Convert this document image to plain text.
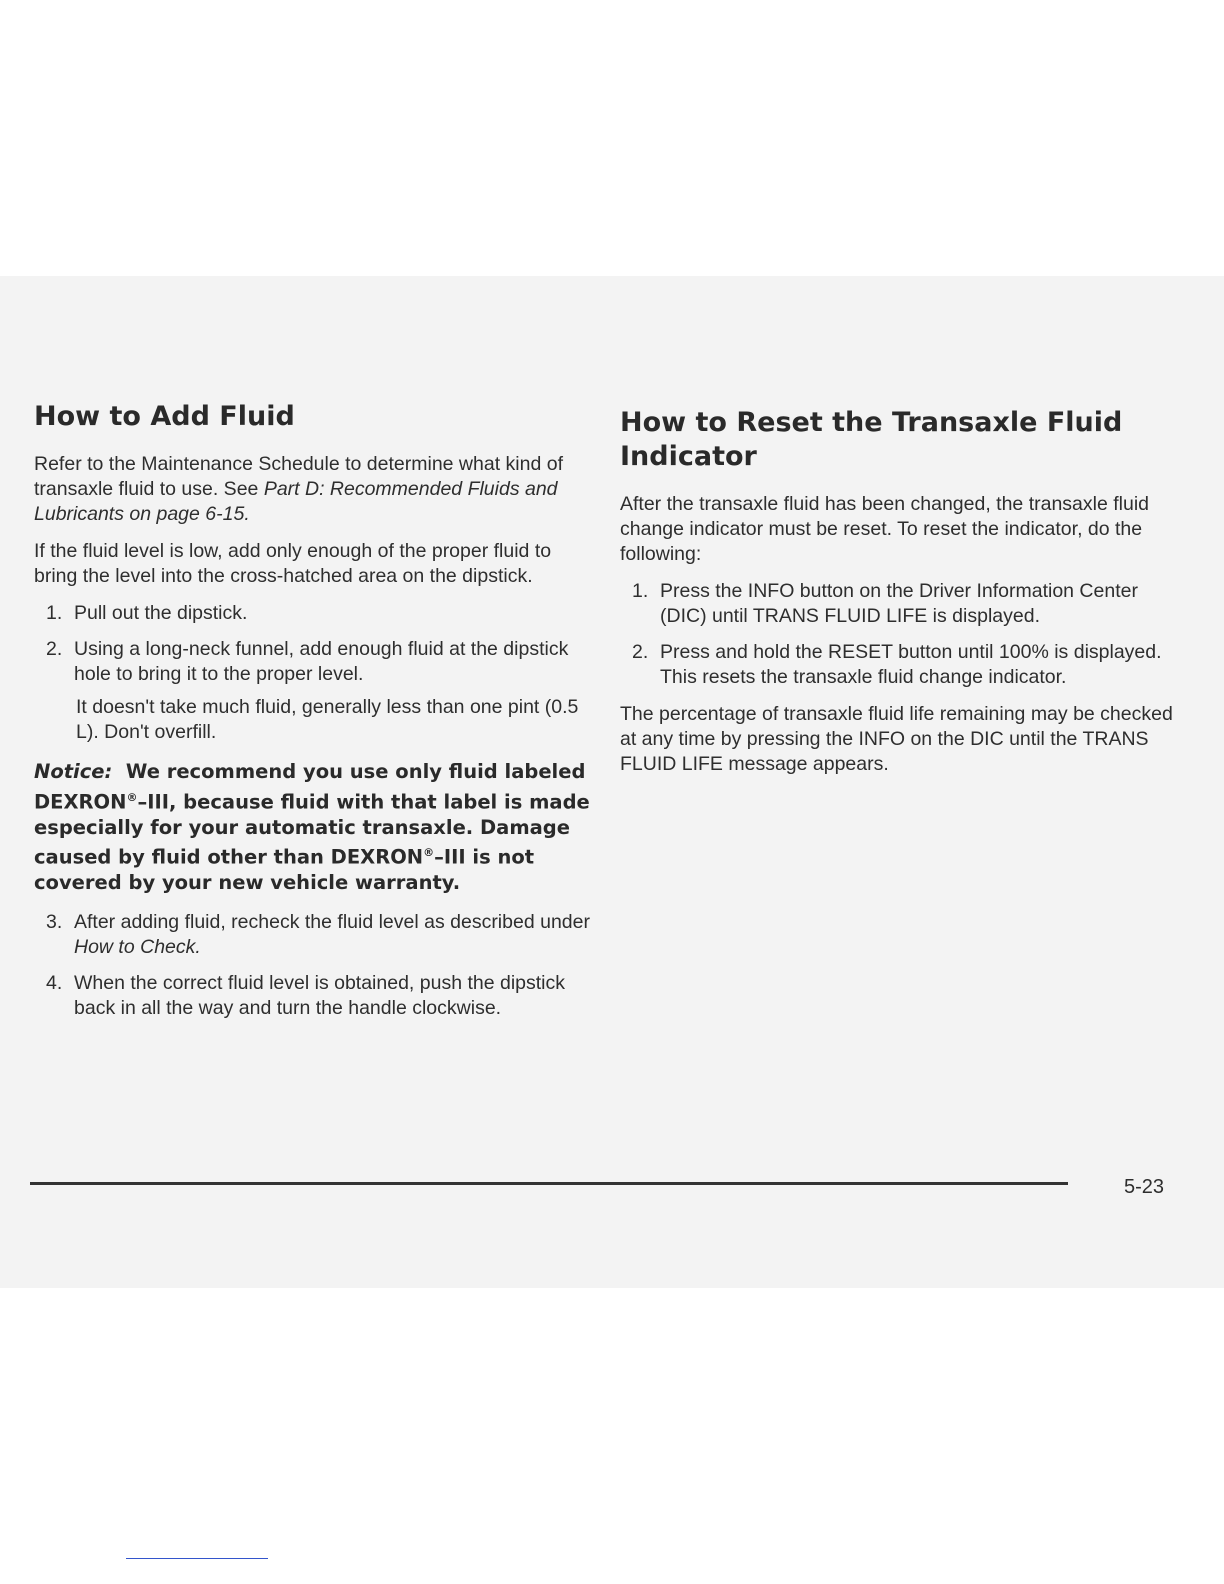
How to Add Fluid

Refer to the Maintenance Schedule to determine what kind of transaxle fluid to use. See Part D: Recommended Fluids and Lubricants on page 6-15.

If the fluid level is low, add only enough of the proper fluid to bring the level into the cross-hatched area on the dipstick.

1. Pull out the dipstick.
2. Using a long-neck funnel, add enough fluid at the dipstick hole to bring it to the proper level.
It doesn't take much fluid, generally less than one pint (0.5 L). Don't overfill.
Notice: We recommend you use only fluid labeled DEXRON®–III, because fluid with that label is made especially for your automatic transaxle. Damage caused by fluid other than DEXRON®–III is not covered by your new vehicle warranty.
3. After adding fluid, recheck the fluid level as described under How to Check.
4. When the correct fluid level is obtained, push the dipstick back in all the way and turn the handle clockwise.
How to Reset the Transaxle Fluid Indicator

After the transaxle fluid has been changed, the transaxle fluid change indicator must be reset. To reset the indicator, do the following:

1. Press the INFO button on the Driver Information Center (DIC) until TRANS FLUID LIFE is displayed.
2. Press and hold the RESET button until 100% is displayed. This resets the transaxle fluid change indicator.

The percentage of transaxle fluid life remaining may be checked at any time by pressing the INFO on the DIC until the TRANS FLUID LIFE message appears.

5-23
